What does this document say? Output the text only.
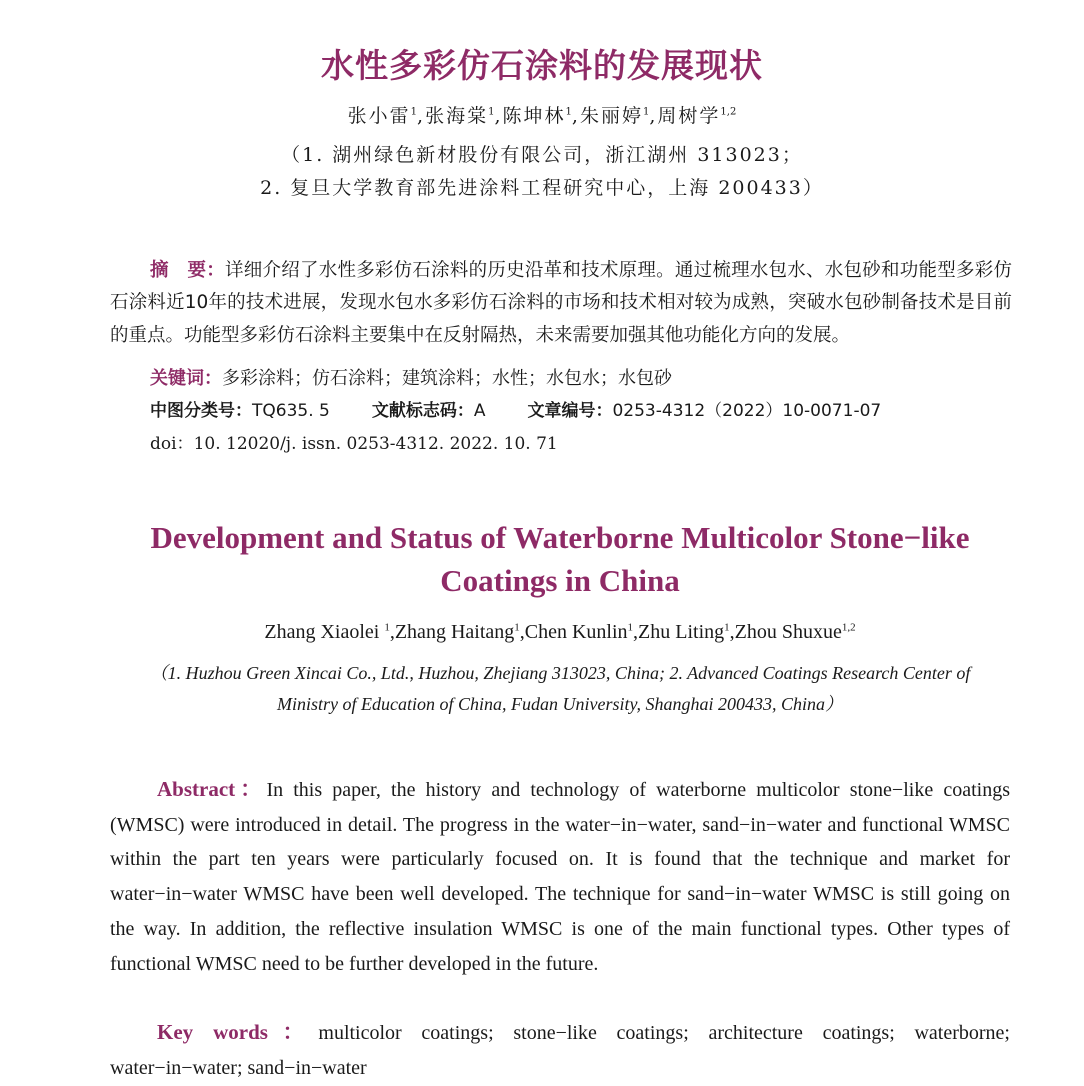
水性多彩仿石涂料的发展现状
张小雷$^1$,张海棠$^1$,陈坤林$^1$,朱丽婷$^1$,周树学$^{1,2}$
（1. 湖州绿色新材股份有限公司，浙江湖州 313023；
2. 复旦大学教育部先进涂料工程研究中心，上海 200433）

摘　要：详细介绍了水性多彩仿石涂料的历史沿革和技术原理。通过梳理水包水、水包砂和功能型多彩仿石涂料近10年的技术进展，发现水包水多彩仿石涂料的市场和技术相对较为成熟，突破水包砂制备技术是目前的重点。功能型多彩仿石涂料主要集中在反射隔热，未来需要加强其他功能化方向的发展。

关键词：多彩涂料；仿石涂料；建筑涂料；水性；水包水；水包砂
中图分类号：TQ635. 5 文献标志码：A 文章编号：0253-4312（2022）10-0071-07
doi：10. 12020/j. issn. 0253-4312. 2022. 10. 71
Development and Status of Waterborne Multicolor Stone−like
Coatings in China
Zhang Xiaolei $^1$,Zhang Haitang$^1$,Chen Kunlin$^1$,Zhu Liting$^1$,Zhou Shuxue$^{1,2}$
（1. Huzhou Green Xincai Co., Ltd., Huzhou, Zhejiang 313023, China; 2. Advanced Coatings Research Center of
Ministry of Education of China, Fudan University, Shanghai 200433, China）

Abstract：In this paper, the history and technology of waterborne multicolor stone−like coatings (WMSC) were introduced in detail. The progress in the water−in−water, sand−in−water and functional WMSC within the part ten years were particularly focused on. It is found that the technique and market for water−in−water WMSC have been well developed. The technique for sand−in−water WMSC is still going on the way. In addition, the reflective insulation WMSC is one of the main functional types. Other types of functional WMSC need to be further developed in the future.

Key words：multicolor coatings; stone−like coatings; architecture coatings; waterborne; water−in−water; sand−in−water
